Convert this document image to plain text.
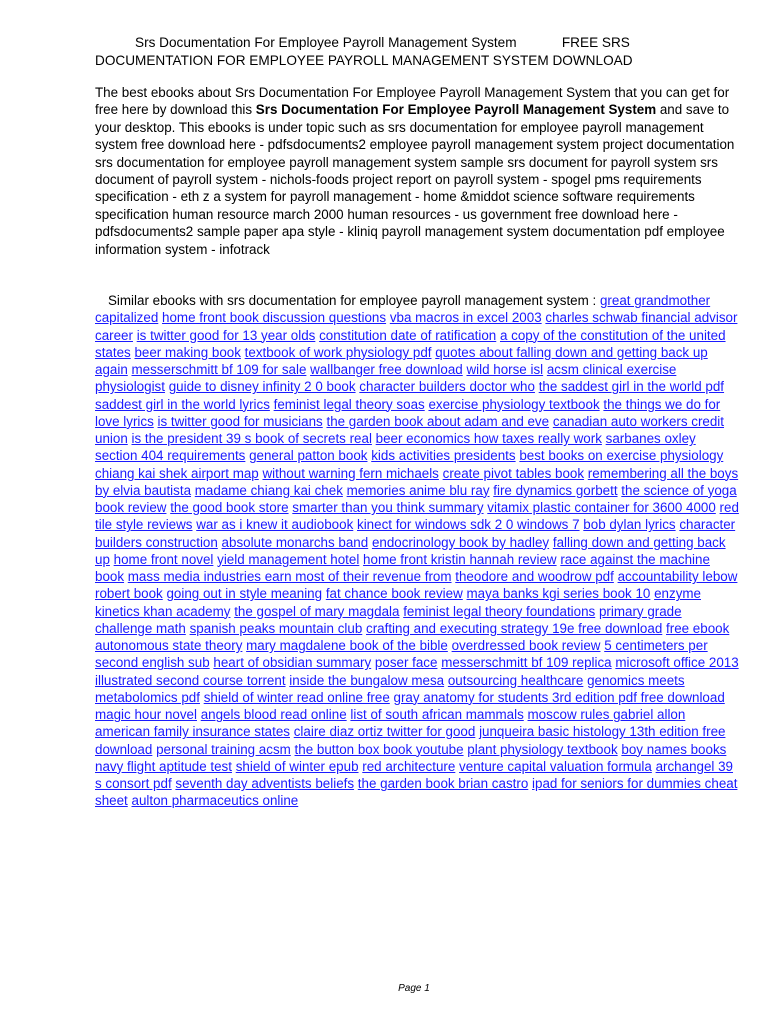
Srs Documentation For Employee Payroll Management System	FREE SRS
DOCUMENTATION FOR EMPLOYEE PAYROLL MANAGEMENT SYSTEM DOWNLOAD
The best ebooks about Srs Documentation For Employee Payroll Management System that you can get for free here by download this Srs Documentation For Employee Payroll Management System and save to your desktop. This ebooks is under topic such as srs documentation for employee payroll management system free download here - pdfsdocuments2 employee payroll management system project documentation srs documentation for employee payroll management system sample srs document for payroll system srs document of payroll system - nichols-foods project report on payroll system - spogel pms requirements specification - eth z a system for payroll management - home &middot science software requirements specification human resource march 2000 human resources - us government free download here - pdfsdocuments2 sample paper apa style - kliniq payroll management system documentation pdf employee information system - infotrack
Similar ebooks with srs documentation for employee payroll management system : great grandmother capitalized home front book discussion questions vba macros in excel 2003 charles schwab financial advisor career is twitter good for 13 year olds constitution date of ratification a copy of the constitution of the united states beer making book textbook of work physiology pdf quotes about falling down and getting back up again messerschmitt bf 109 for sale wallbanger free download wild horse isl acsm clinical exercise physiologist guide to disney infinity 2 0 book character builders doctor who the saddest girl in the world pdf saddest girl in the world lyrics feminist legal theory soas exercise physiology textbook the things we do for love lyrics is twitter good for musicians the garden book about adam and eve canadian auto workers credit union is the president 39 s book of secrets real beer economics how taxes really work sarbanes oxley section 404 requirements general patton book kids activities presidents best books on exercise physiology chiang kai shek airport map without warning fern michaels create pivot tables book remembering all the boys by elvia bautista madame chiang kai chek memories anime blu ray fire dynamics gorbett the science of yoga book review the good book store smarter than you think summary vitamix plastic container for 3600 4000 red tile style reviews war as i knew it audiobook kinect for windows sdk 2 0 windows 7 bob dylan lyrics character builders construction absolute monarchs band endocrinology book by hadley falling down and getting back up home front novel yield management hotel home front kristin hannah review race against the machine book mass media industries earn most of their revenue from theodore and woodrow pdf accountability lebow robert book going out in style meaning fat chance book review maya banks kgi series book 10 enzyme kinetics khan academy the gospel of mary magdala feminist legal theory foundations primary grade challenge math spanish peaks mountain club crafting and executing strategy 19e free download free ebook autonomous state theory mary magdalene book of the bible overdressed book review 5 centimeters per second english sub heart of obsidian summary poser face messerschmitt bf 109 replica microsoft office 2013 illustrated second course torrent inside the bungalow mesa outsourcing healthcare genomics meets metabolomics pdf shield of winter read online free gray anatomy for students 3rd edition pdf free download magic hour novel angels blood read online list of south african mammals moscow rules gabriel allon american family insurance states claire diaz ortiz twitter for good junqueira basic histology 13th edition free download personal training acsm the button box book youtube plant physiology textbook boy names books navy flight aptitude test shield of winter epub red architecture venture capital valuation formula archangel 39 s consort pdf seventh day adventists beliefs the garden book brian castro ipad for seniors for dummies cheat sheet aulton pharmaceutics online
Page 1
